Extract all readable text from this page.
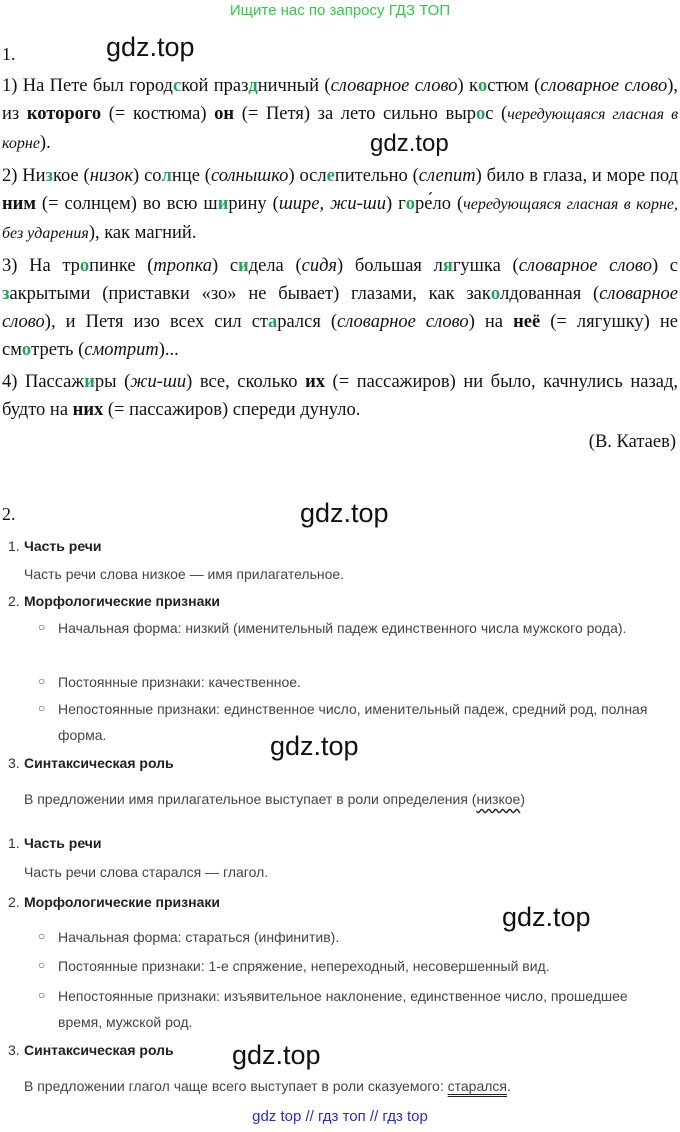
Ищите нас по запросу ГДЗ ТОП
1.	gdz.top

1) На Пете был городской праздничный (словарное слово) костюм (словарное слово), из которого (= костюма) он (= Петя) за лето сильно вырос (чередующаяся гласная в корне).

2) Низкое (низок) солнце (солнышко) ослепительно (слепит) било в глаза, и море под ним (= солнцем) во всю ширину (шире, жи-ши) горе́ло (чередующаяся гласная в корне, без ударения), как магний.

3) На тропинке (тропка) сидела (сидя) большая лягушка (словарное слово) с закрытыми (приставки «зо» не бывает) глазами, как заколдованная (словарное слово), и Петя изо всех сил старался (словарное слово) на неё (= лягушку) не смотреть (смотрит)...

4) Пассажиры (жи-ши) все, сколько их (= пассажиров) ни было, качнулись назад, будто на них (= пассажиров) спереди дунуло.

gdz.top
(В. Катаев)
2.	gdz.top
1. Часть речи
Часть речи слова низкое — имя прилагательное.
2. Морфологические признаки
○ Начальная форма: низкий (именительный падеж единственного числа мужского рода).
○ Постоянные признаки: качественное.
○ Непостоянные признаки: единственное число, именительный падеж, средний род, полная форма.	gdz.top
3. Синтаксическая роль
В предложении имя прилагательное выступает в роли определения (низкое)
1. Часть речи
Часть речи слова старался — глагол.
2. Морфологические признаки	gdz.top
○ Начальная форма: стараться (инфинитив).
○ Постоянные признаки: 1-е спряжение, непереходный, несовершенный вид.
○ Непостоянные признаки: изъявительное наклонение, единственное число, прошедшее время, мужской род.
3. Синтаксическая роль gdz.top
В предложении глагол чаще всего выступает в роли сказуемого: старался.
gdz top // гдз топ // гдз top
